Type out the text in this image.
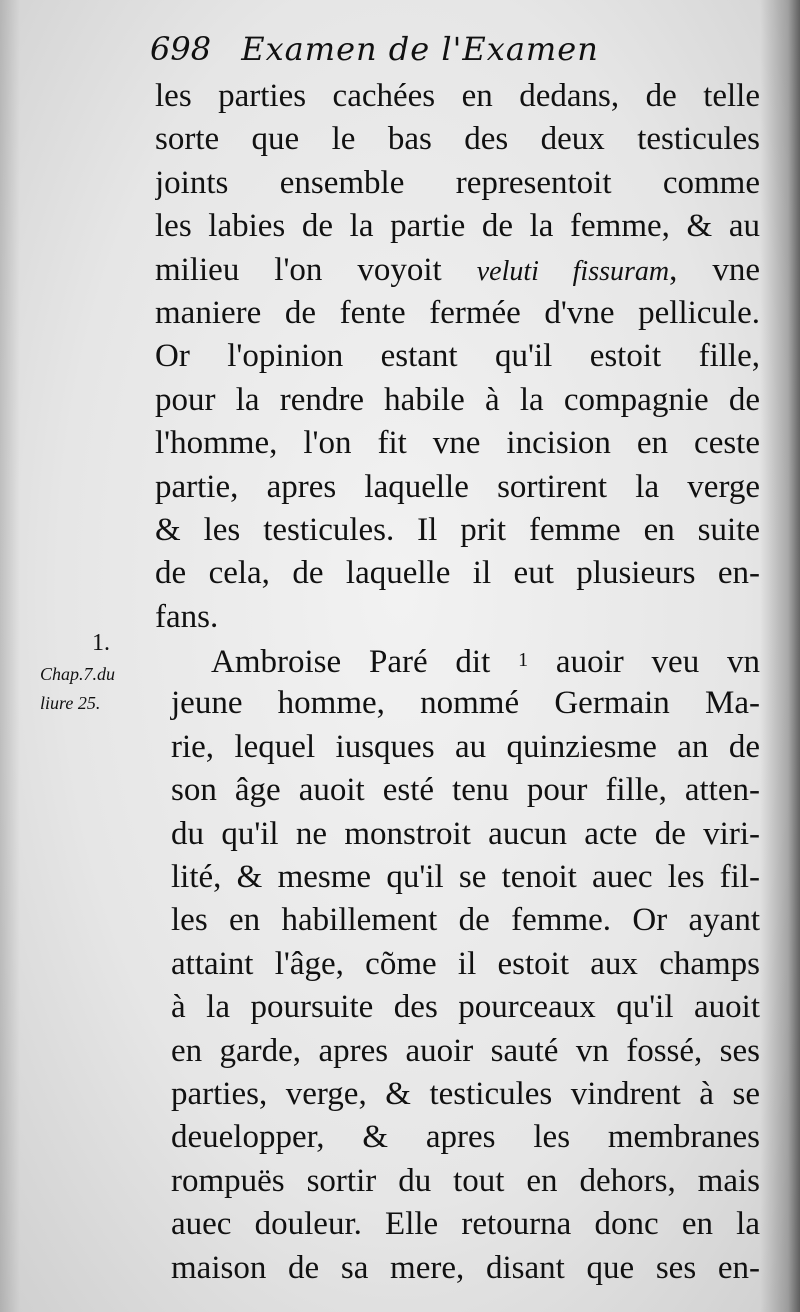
698 Examen de l'Examen
1.
Chap.7.du
liure 25.
les parties cachées en dedans, de telle
sorte que le bas des deux testicules
joints ensemble representoit comme
les labies de la partie de la femme, & au
milieu l'on voyoit veluti fissuram, vne
maniere de fente fermée d'vne pellicule.
Or l'opinion estant qu'il estoit fille,
pour la rendre habile à la compagnie de
l'homme, l'on fit vne incision en ceste
partie, apres laquelle sortirent la verge
& les testicules. Il prit femme en suite
de cela, de laquelle il eut plusieurs en-
fans.
Ambroise Paré dit $^1$ auoir veu vn
jeune homme, nommé Germain Ma-
rie, lequel iusques au quinziesme an de
son âge auoit esté tenu pour fille, atten-
du qu'il ne monstroit aucun acte de viri-
lité, & mesme qu'il se tenoit auec les fil-
les en habillement de femme. Or ayant
attaint l'âge, cõme il estoit aux champs
à la poursuite des pourceaux qu'il auoit
en garde, apres auoir sauté vn fossé, ses
parties, verge, & testicules vindrent à se
deuelopper, & apres les membranes
rompuës sortir du tout en dehors, mais
auec douleur. Elle retourna donc en la
maison de sa mere, disant que ses en-
